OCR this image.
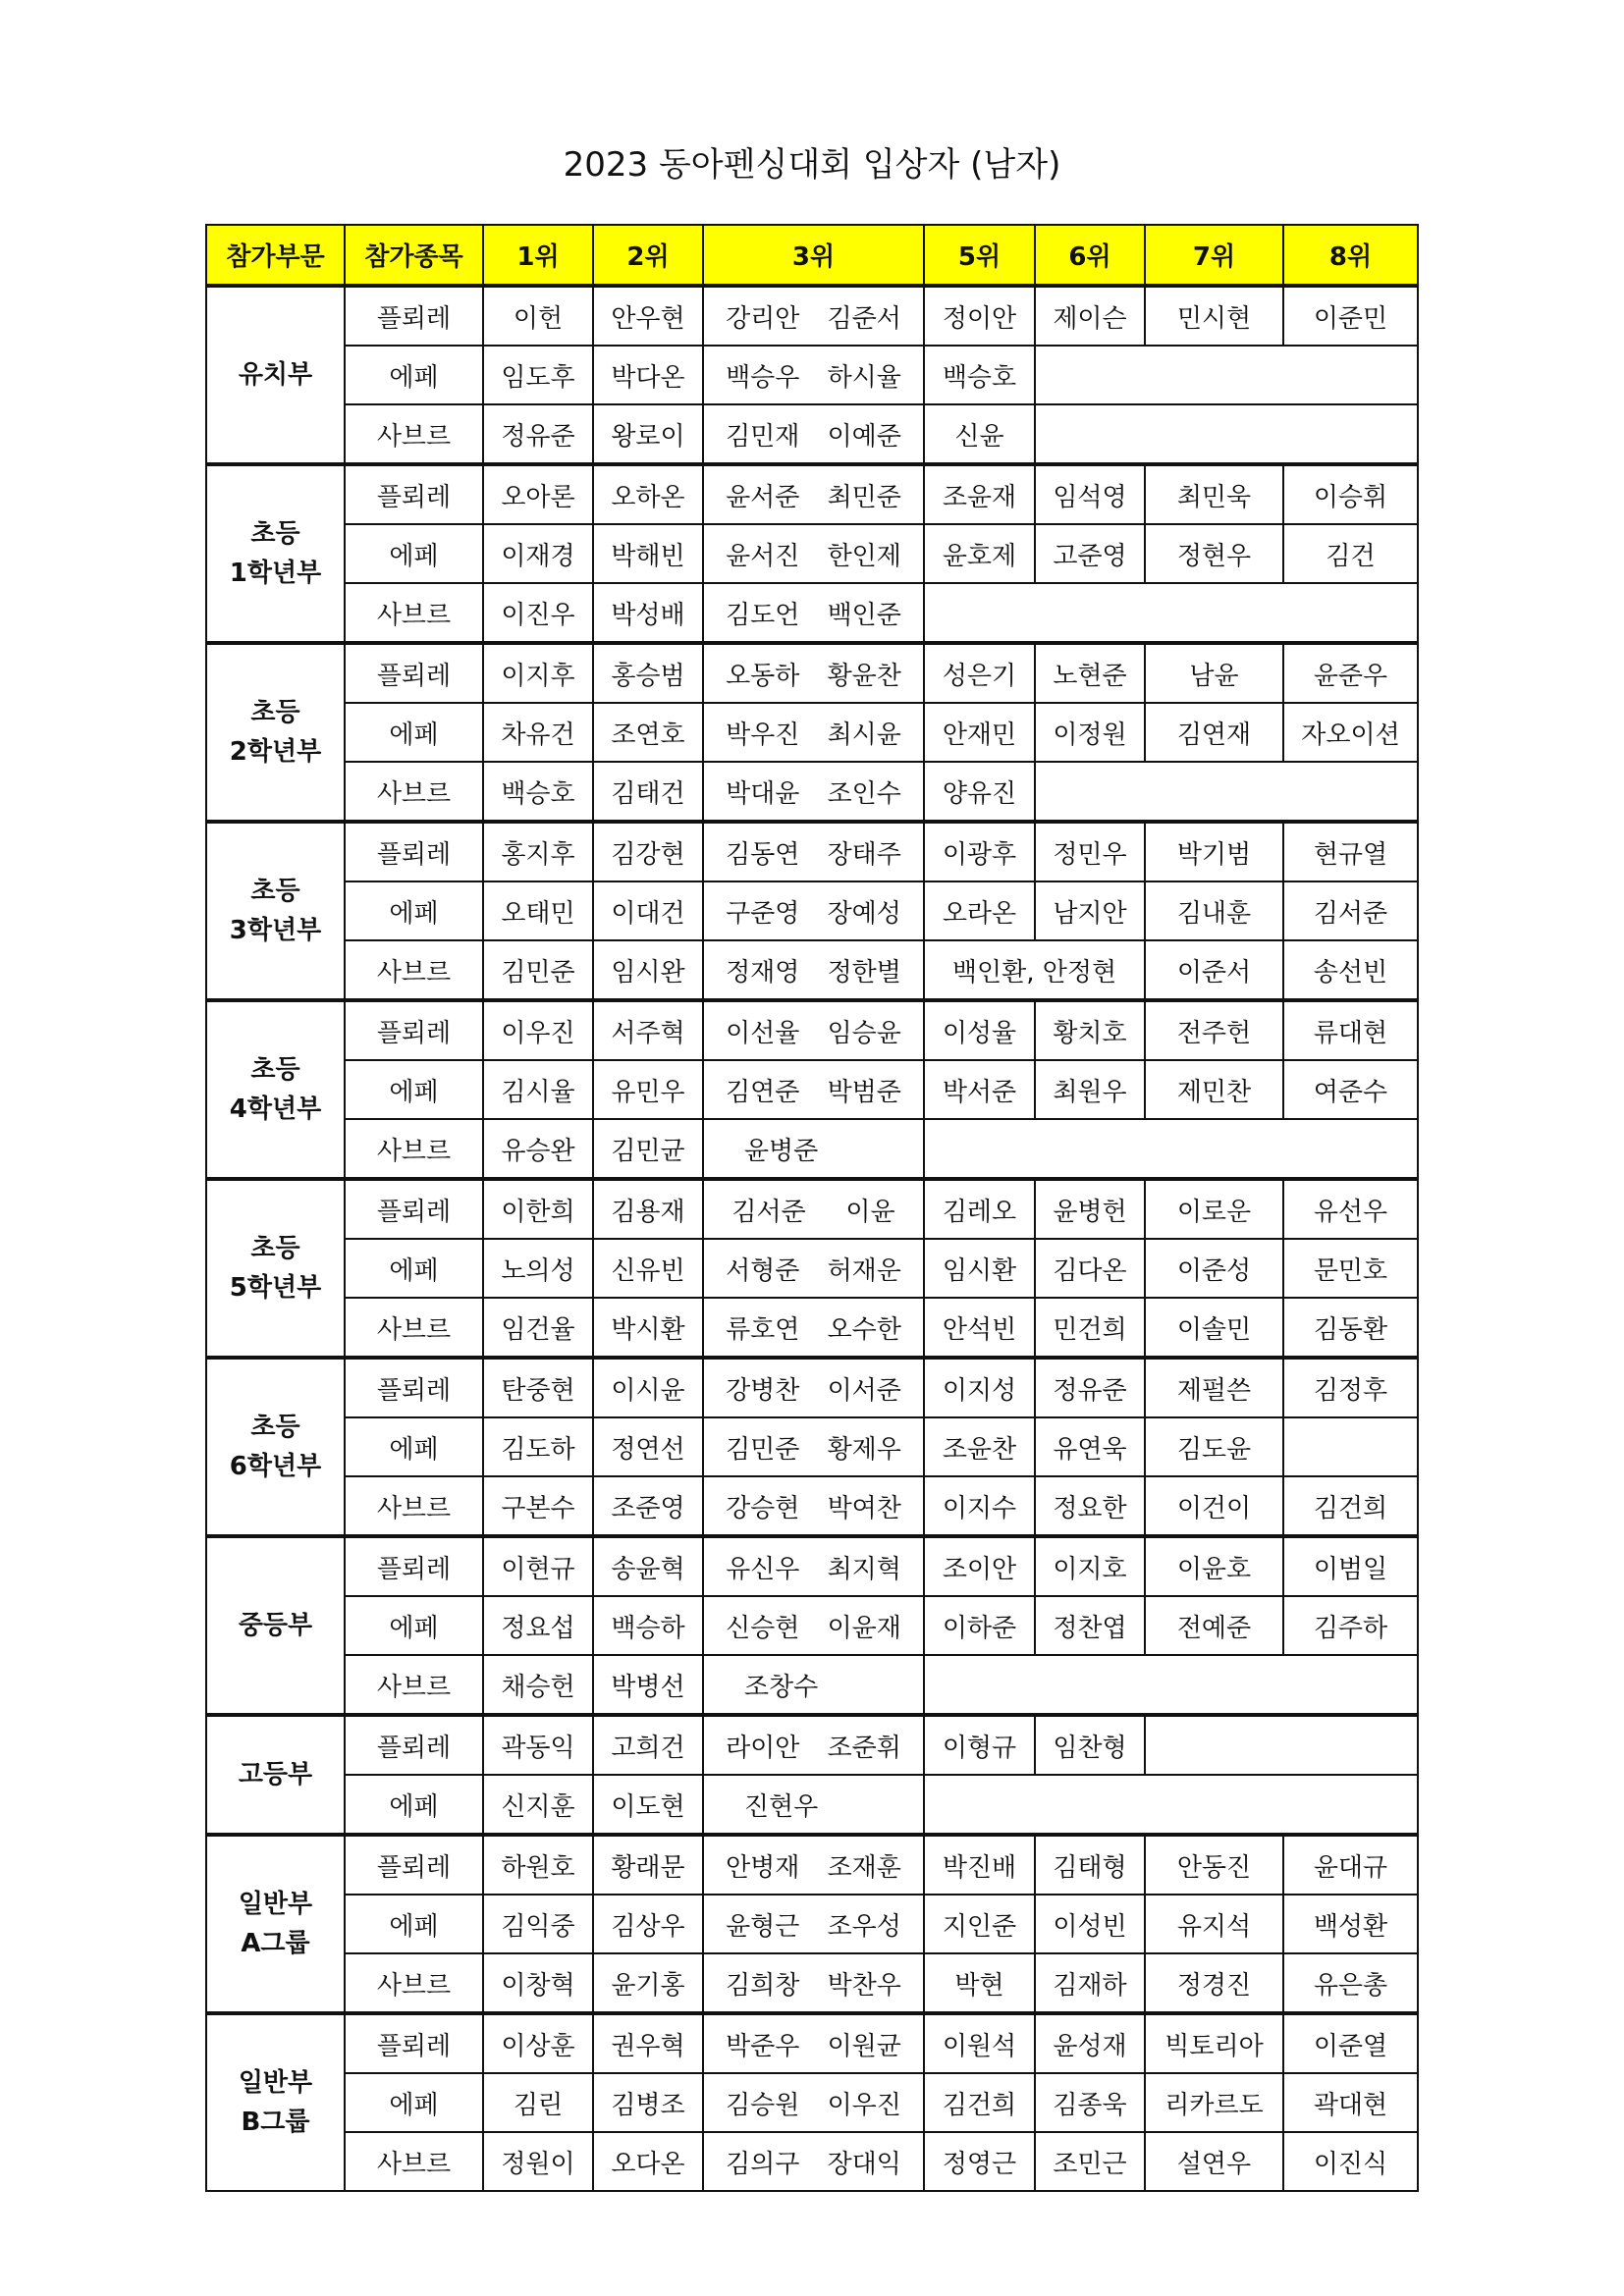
2023 동아펜싱대회 입상자 (남자)
참가부문	참가종목	1위	2위	3위	5위	6위	7위	8위

유치부	플뢰레	이헌	안우현	강리안 김준서	정이안	제이슨	민시현	이준민
	에페	임도후	박다온	백승우 하시율	백승호			
	사브르	정유준	왕로이	김민재 이예준	신윤			

초등
1학년부
	플뢰레	오아론	오하온	윤서준 최민준	조윤재	임석영	최민욱	이승휘
	에페	이재경	박해빈	윤서진 한인제	윤호제	고준영	정현우	김건
	사브르	이진우	박성배	김도언 백인준				

초등
2학년부
	플뢰레	이지후	홍승범	오동하 황윤찬	성은기	노현준	남윤	윤준우
	에페	차유건	조연호	박우진 최시윤	안재민	이정원	김연재	자오이션
	사브르	백승호	김태건	박대윤 조인수	양유진			

초등
3학년부
	플뢰레	홍지후	김강현	김동연 장태주	이광후	정민우	박기범	현규열
	에페	오태민	이대건	구준영 장예성	오라온	남지안	김내훈	김서준
	사브르	김민준	임시완	정재영 정한별	백인환, 안정현		이준서	송선빈

초등
4학년부
	플뢰레	이우진	서주혁	이선율 임승윤	이성율	황치호	전주헌	류대현
	에페	김시율	유민우	김연준 박범준	박서준	최원우	제민찬	여준수
	사브르	유승완	김민균	윤병준				

초등
5학년부
	플뢰레	이한희	김용재	김서준 이윤	김레오	윤병헌	이로운	유선우
	에페	노의성	신유빈	서형준 허재운	임시환	김다온	이준성	문민호
	사브르	임건율	박시환	류호연 오수한	안석빈	민건희	이솔민	김동환

초등
6학년부
	플뢰레	탄중현	이시윤	강병찬 이서준	이지성	정유준	제펄쓴	김정후
	에페	김도하	정연선	김민준 황제우	조윤찬	유연욱	김도윤	
	사브르	구본수	조준영	강승현 박여찬	이지수	정요한	이건이	김건희

중등부	플뢰레	이현규	송윤혁	유신우 최지혁	조이안	이지호	이윤호	이범일
	에페	정요섭	백승하	신승현 이윤재	이하준	정찬엽	전예준	김주하
	사브르	채승헌	박병선	조창수				

고등부	플뢰레	곽동익	고희건	라이안 조준휘	이형규	임찬형		
	에페	신지훈	이도현	진현우				

일반부
A그룹
	플뢰레	하원호	황래문	안병재 조재훈	박진배	김태형	안동진	윤대규
	에페	김익중	김상우	윤형근 조우성	지인준	이성빈	유지석	백성환
	사브르	이창혁	윤기홍	김희창 박찬우	박현	김재하	정경진	유은총

일반부
B그룹
	플뢰레	이상훈	권우혁	박준우 이원균	이원석	윤성재	빅토리아	이준열
	에페	김린	김병조	김승원 이우진	김건희	김종욱	리카르도	곽대현
	사브르	정원이	오다온	김의구 장대익	정영근	조민근	설연우	이진식
